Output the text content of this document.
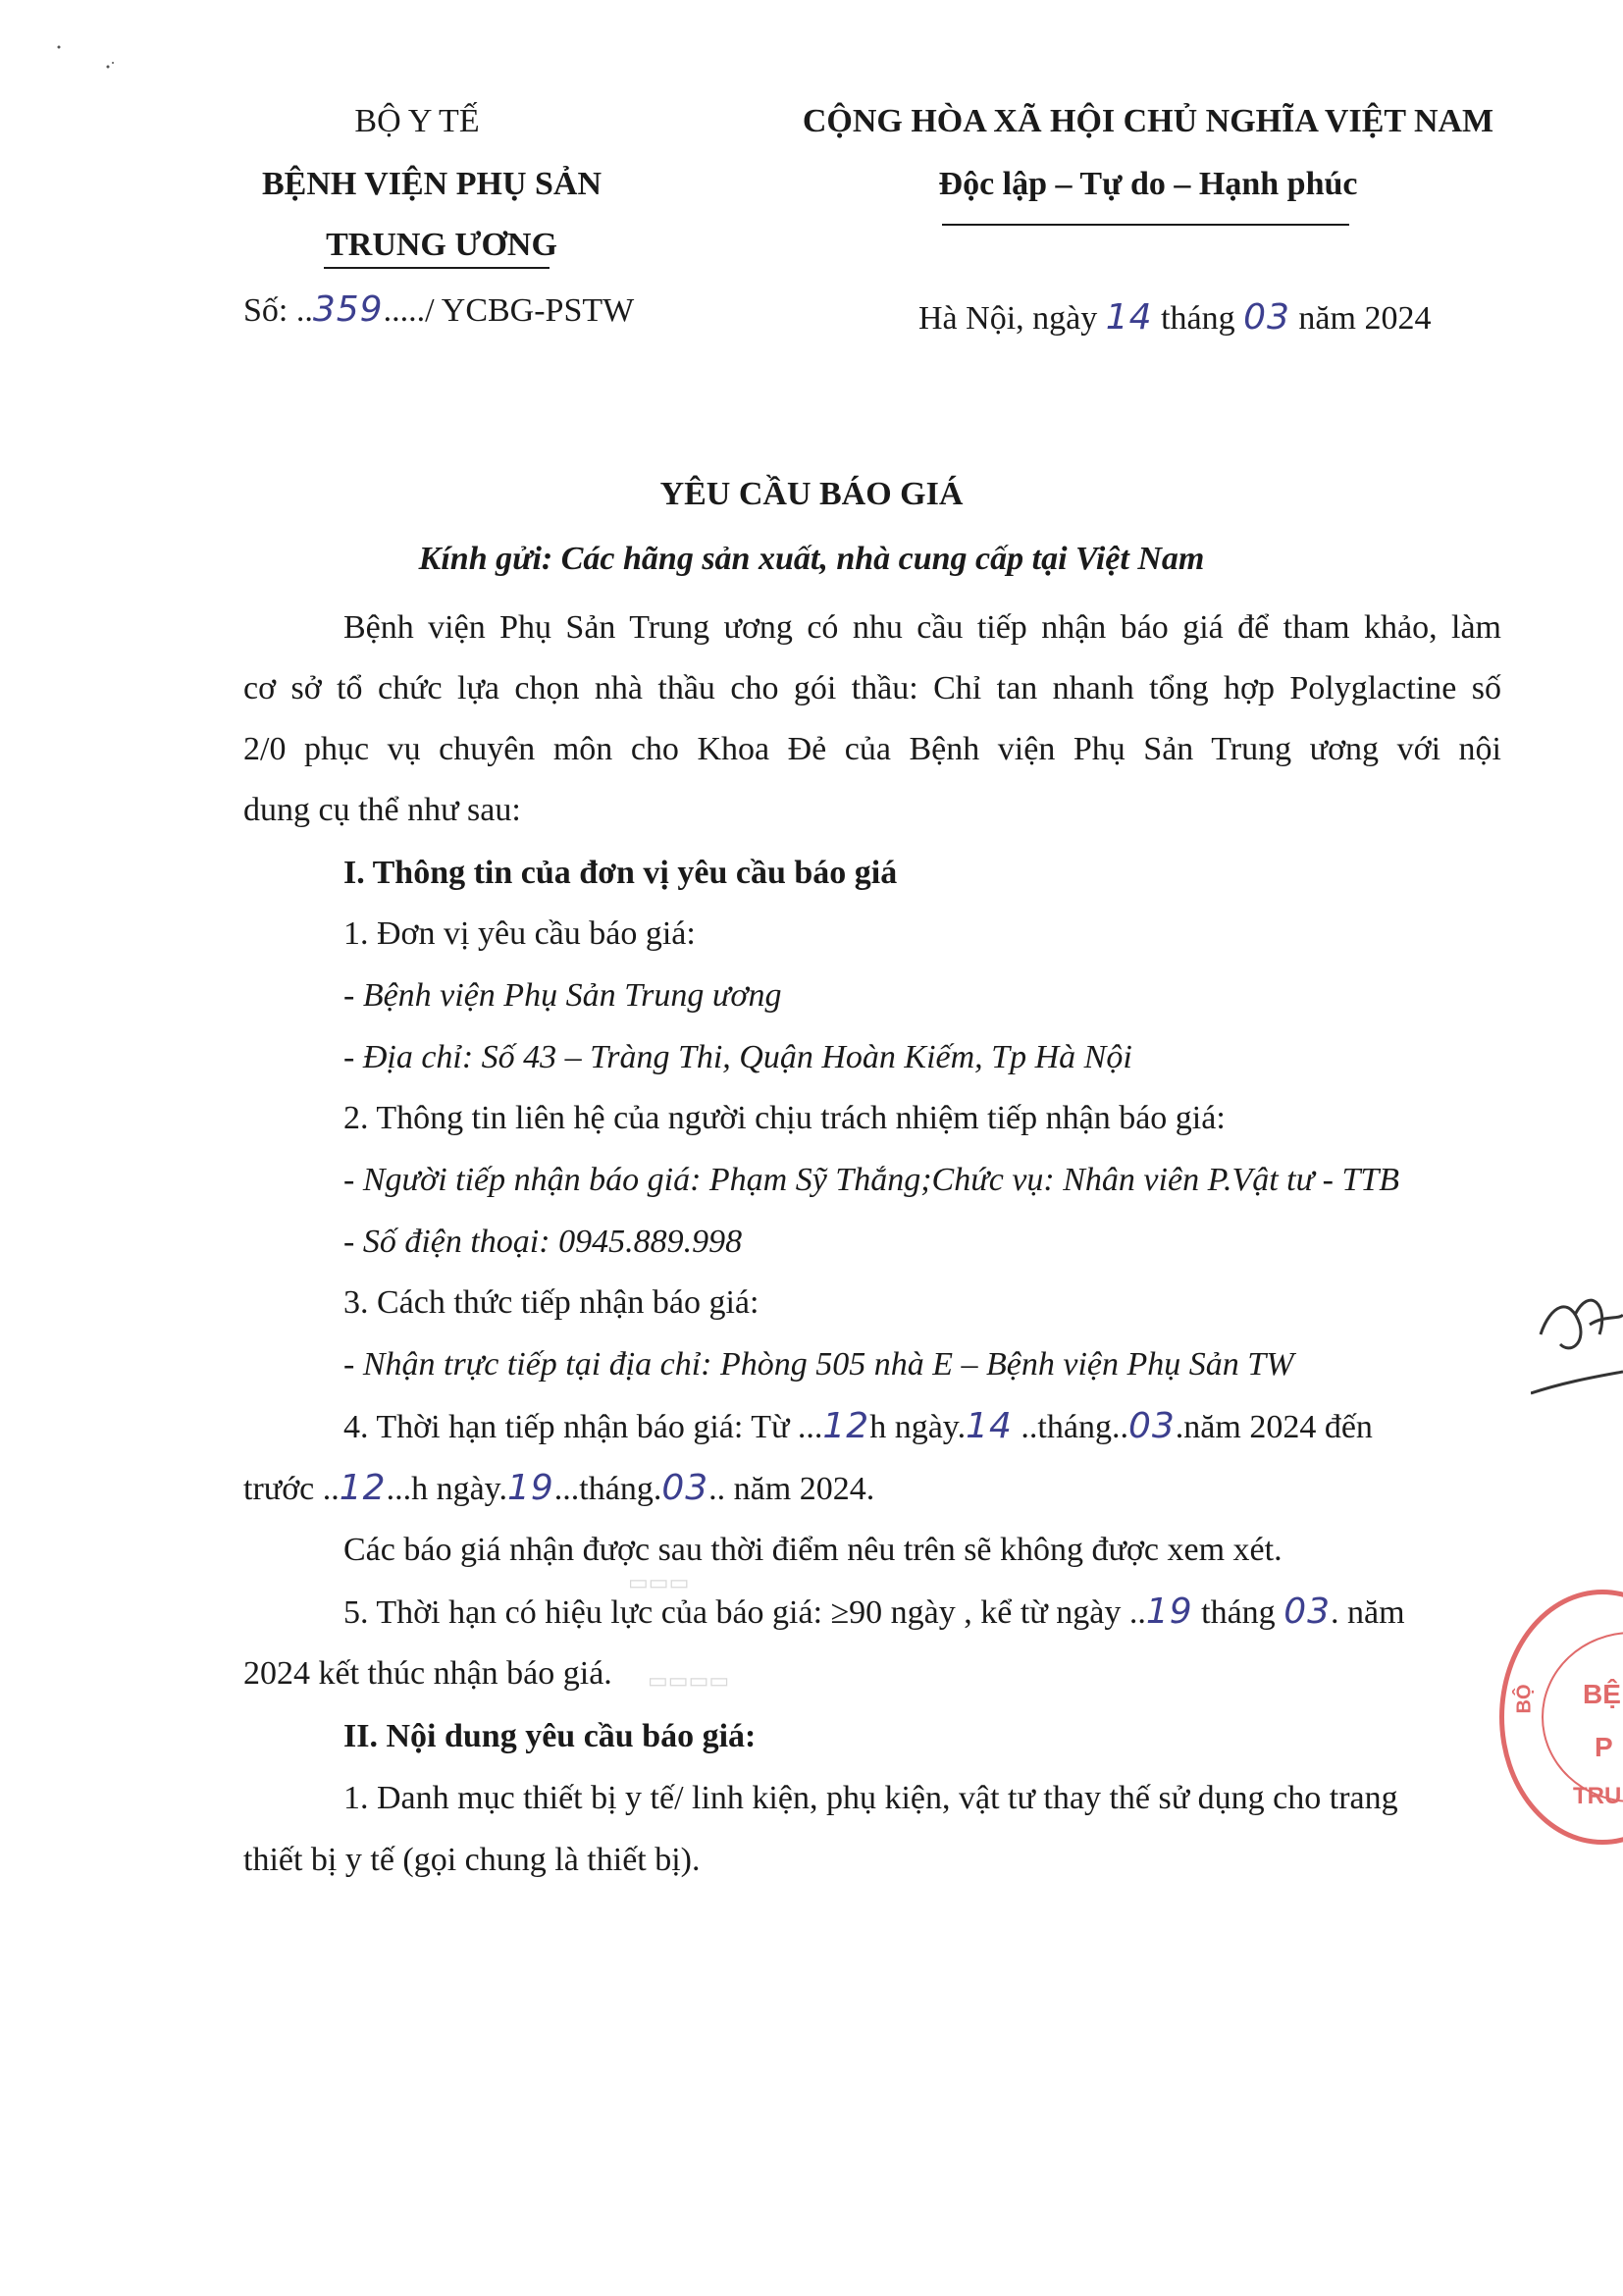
BỘ Y TẾ
BỆNH VIỆN PHỤ SẢN
TRUNG ƯƠNG
Số: ..359...../ YCBG-PSTW
CỘNG HÒA XÃ HỘI CHỦ NGHĨA VIỆT NAM
Độc lập – Tự do – Hạnh phúc
Hà Nội, ngày 14 tháng 03 năm 2024
YÊU CẦU BÁO GIÁ
Kính gửi: Các hãng sản xuất, nhà cung cấp tại Việt Nam
Bệnh viện Phụ Sản Trung ương có nhu cầu tiếp nhận báo giá để tham khảo, làm
cơ sở tổ chức lựa chọn nhà thầu cho gói thầu: Chỉ tan nhanh tổng hợp Polyglactine số
2/0 phục vụ chuyên môn cho Khoa Đẻ của Bệnh viện Phụ Sản Trung ương với nội
dung cụ thể như sau:
I. Thông tin của đơn vị yêu cầu báo giá
1. Đơn vị yêu cầu báo giá:
- Bệnh viện Phụ Sản Trung ương
- Địa chỉ: Số 43 – Tràng Thi, Quận Hoàn Kiếm, Tp Hà Nội
2. Thông tin liên hệ của người chịu trách nhiệm tiếp nhận báo giá:
- Người tiếp nhận báo giá: Phạm Sỹ Thắng;Chức vụ: Nhân viên P.Vật tư - TTB
- Số điện thoại: 0945.889.998
3. Cách thức tiếp nhận báo giá:
- Nhận trực tiếp tại địa chỉ: Phòng 505 nhà E – Bệnh viện Phụ Sản TW
4. Thời hạn tiếp nhận báo giá: Từ ...12h ngày.14 ..tháng..03.năm 2024 đến
trước ..12...h ngày.19...tháng.03.. năm 2024.
Các báo giá nhận được sau thời điểm nêu trên sẽ không được xem xét.
5. Thời hạn có hiệu lực của báo giá: ≥90 ngày , kể từ ngày ..19 tháng 03. năm
2024 kết thúc nhận báo giá.
II. Nội dung yêu cầu báo giá:
1. Danh mục thiết bị y tế/ linh kiện, phụ kiện, vật tư thay thế sử dụng cho trang
thiết bị y tế (gọi chung là thiết bị).
▭▭▭
▭▭▭▭	BỆ
P
TRU
BỘ
